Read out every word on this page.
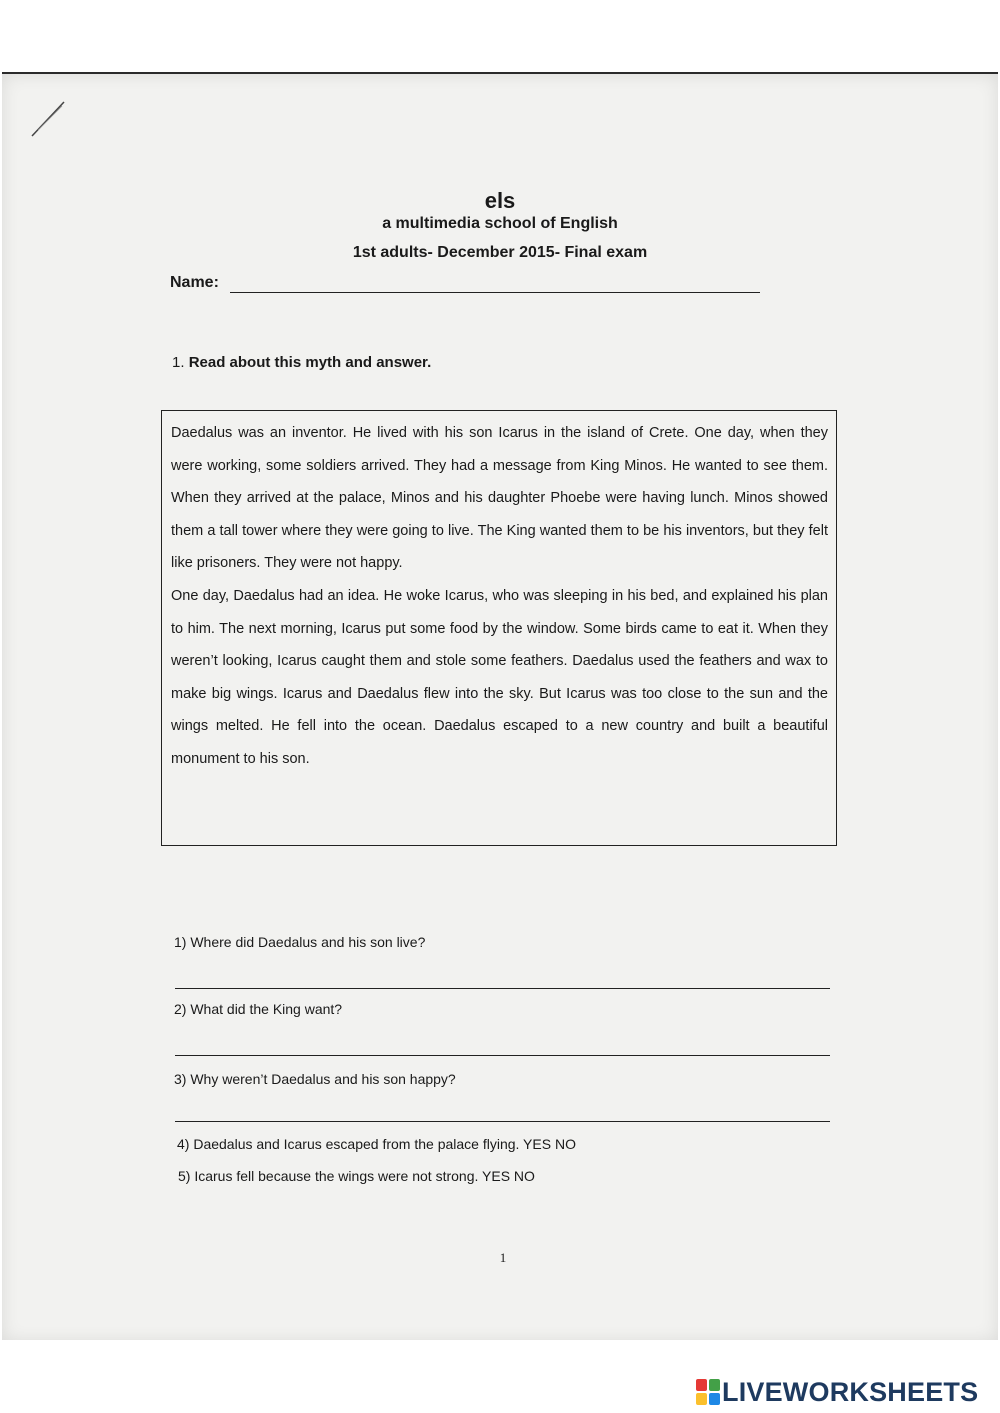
els
a multimedia school of English
1st adults- December 2015- Final exam
Name:
1. Read about this myth and answer.

Daedalus was an inventor. He lived with his son Icarus in the island of Crete. One day, when they were working, some soldiers arrived. They had a message from King Minos. He wanted to see them. When they arrived at the palace, Minos and his daughter Phoebe were having lunch. Minos showed them a tall tower where they were going to live. The King wanted them to be his inventors, but they felt like prisoners. They were not happy.

One day, Daedalus had an idea. He woke Icarus, who was sleeping in his bed, and explained his plan to him. The next morning, Icarus put some food by the window. Some birds came to eat it. When they weren’t looking, Icarus caught them and stole some feathers. Daedalus used the feathers and wax to make big wings. Icarus and Daedalus flew into the sky. But Icarus was too close to the sun and the wings melted. He fell into the ocean. Daedalus escaped to a new country and built a beautiful monument to his son.

1) Where did Daedalus and his son live?
2) What did the King want?
3) Why weren’t Daedalus and his son happy?
4) Daedalus and Icarus escaped from the palace flying. YES NO
5) Icarus fell because the wings were not strong. YES NO
1
LIVEWORKSHEETS
